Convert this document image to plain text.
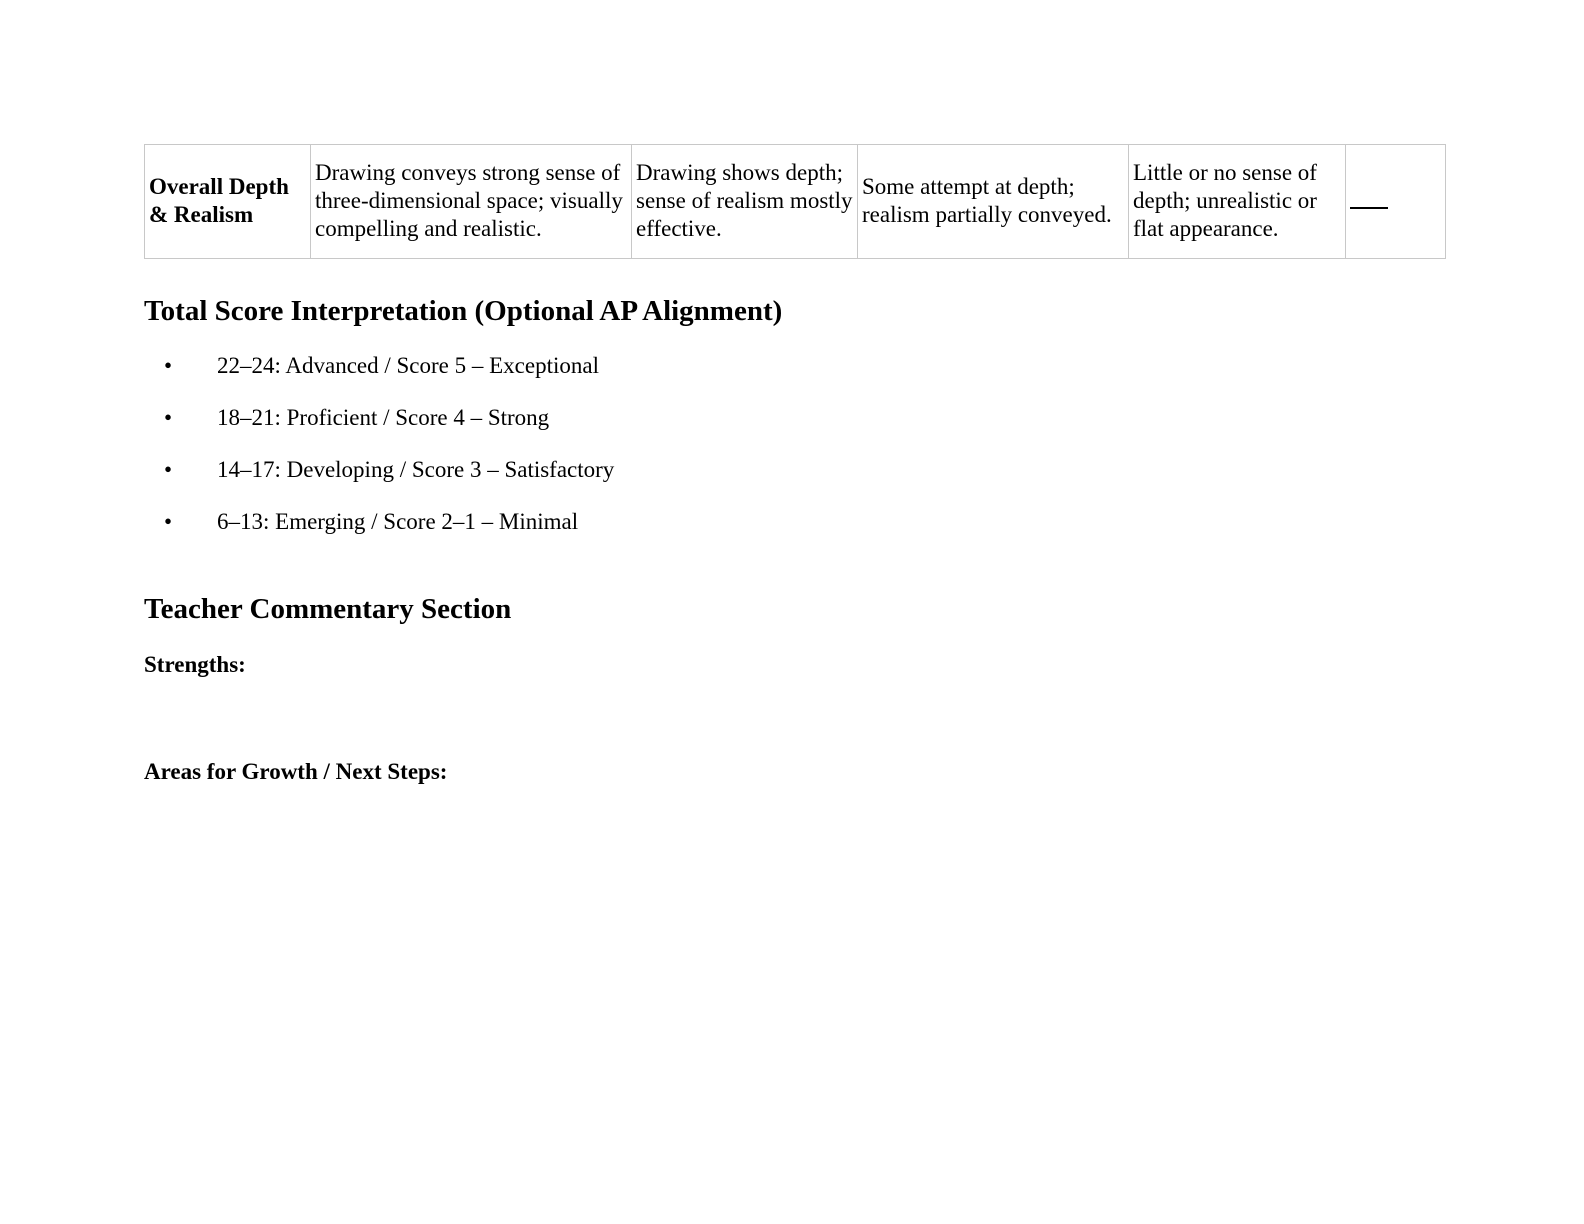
Overall Depth & Realism	Drawing conveys strong sense of three-dimensional space; visually compelling and realistic.	Drawing shows depth; sense of realism mostly effective.	Some attempt at depth; realism partially conveyed.	Little or no sense of depth; unrealistic or flat appearance.	
Total Score Interpretation (Optional AP Alignment)
• 22–24: Advanced / Score 5 – Exceptional
• 18–21: Proficient / Score 4 – Strong
• 14–17: Developing / Score 3 – Satisfactory
• 6–13: Emerging / Score 2–1 – Minimal
Teacher Commentary Section
Strengths:
Areas for Growth / Next Steps:
